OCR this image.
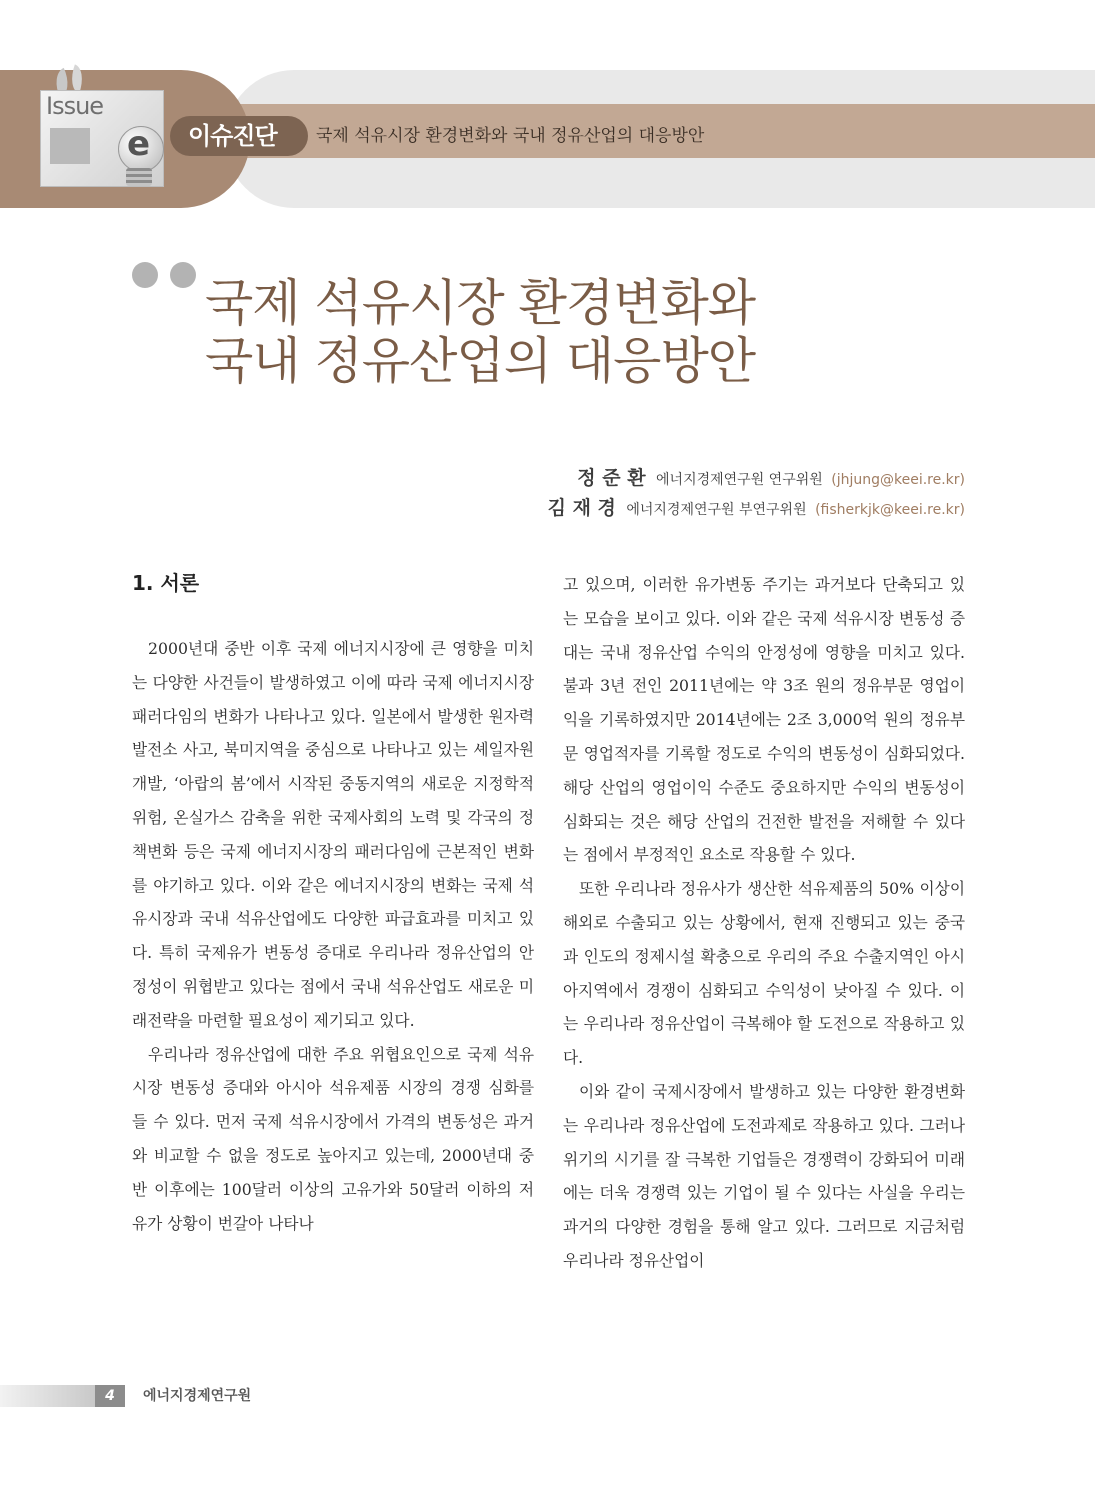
Issue
e 이슈진단 국제 석유시장 환경변화와 국내 정유산업의 대응방안
국제 석유시장 환경변화와
국내 정유산업의 대응방안
정 준 환 에너지경제연구원 연구위원 (jhjung@keei.re.kr)
김 재 경 에너지경제연구원 부연구위원 (fisherkjk@keei.re.kr)
1. 서론

2000년대 중반 이후 국제 에너지시장에 큰 영향을 미치는 다양한 사건들이 발생하였고 이에 따라 국제 에너지시장 패러다임의 변화가 나타나고 있다. 일본에서 발생한 원자력발전소 사고, 북미지역을 중심으로 나타나고 있는 셰일자원 개발, ‘아랍의 봄’에서 시작된 중동지역의 새로운 지정학적 위험, 온실가스 감축을 위한 국제사회의 노력 및 각국의 정책변화 등은 국제 에너지시장의 패러다임에 근본적인 변화를 야기하고 있다. 이와 같은 에너지시장의 변화는 국제 석유시장과 국내 석유산업에도 다양한 파급효과를 미치고 있다. 특히 국제유가 변동성 증대로 우리나라 정유산업의 안정성이 위협받고 있다는 점에서 국내 석유산업도 새로운 미래전략을 마련할 필요성이 제기되고 있다.

우리나라 정유산업에 대한 주요 위협요인으로 국제 석유시장 변동성 증대와 아시아 석유제품 시장의 경쟁 심화를 들 수 있다. 먼저 국제 석유시장에서 가격의 변동성은 과거와 비교할 수 없을 정도로 높아지고 있는데, 2000년대 중반 이후에는 100달러 이상의 고유가와 50달러 이하의 저유가 상황이 번갈아 나타나

고 있으며, 이러한 유가변동 주기는 과거보다 단축되고 있는 모습을 보이고 있다. 이와 같은 국제 석유시장 변동성 증대는 국내 정유산업 수익의 안정성에 영향을 미치고 있다. 불과 3년 전인 2011년에는 약 3조 원의 정유부문 영업이익을 기록하였지만 2014년에는 2조 3,000억 원의 정유부문 영업적자를 기록할 정도로 수익의 변동성이 심화되었다. 해당 산업의 영업이익 수준도 중요하지만 수익의 변동성이 심화되는 것은 해당 산업의 건전한 발전을 저해할 수 있다는 점에서 부정적인 요소로 작용할 수 있다.

또한 우리나라 정유사가 생산한 석유제품의 50% 이상이 해외로 수출되고 있는 상황에서, 현재 진행되고 있는 중국과 인도의 정제시설 확충으로 우리의 주요 수출지역인 아시아지역에서 경쟁이 심화되고 수익성이 낮아질 수 있다. 이는 우리나라 정유산업이 극복해야 할 도전으로 작용하고 있다.

이와 같이 국제시장에서 발생하고 있는 다양한 환경변화는 우리나라 정유산업에 도전과제로 작용하고 있다. 그러나 위기의 시기를 잘 극복한 기업들은 경쟁력이 강화되어 미래에는 더욱 경쟁력 있는 기업이 될 수 있다는 사실을 우리는 과거의 다양한 경험을 통해 알고 있다. 그러므로 지금처럼 우리나라 정유산업이

4	에너지경제연구원
